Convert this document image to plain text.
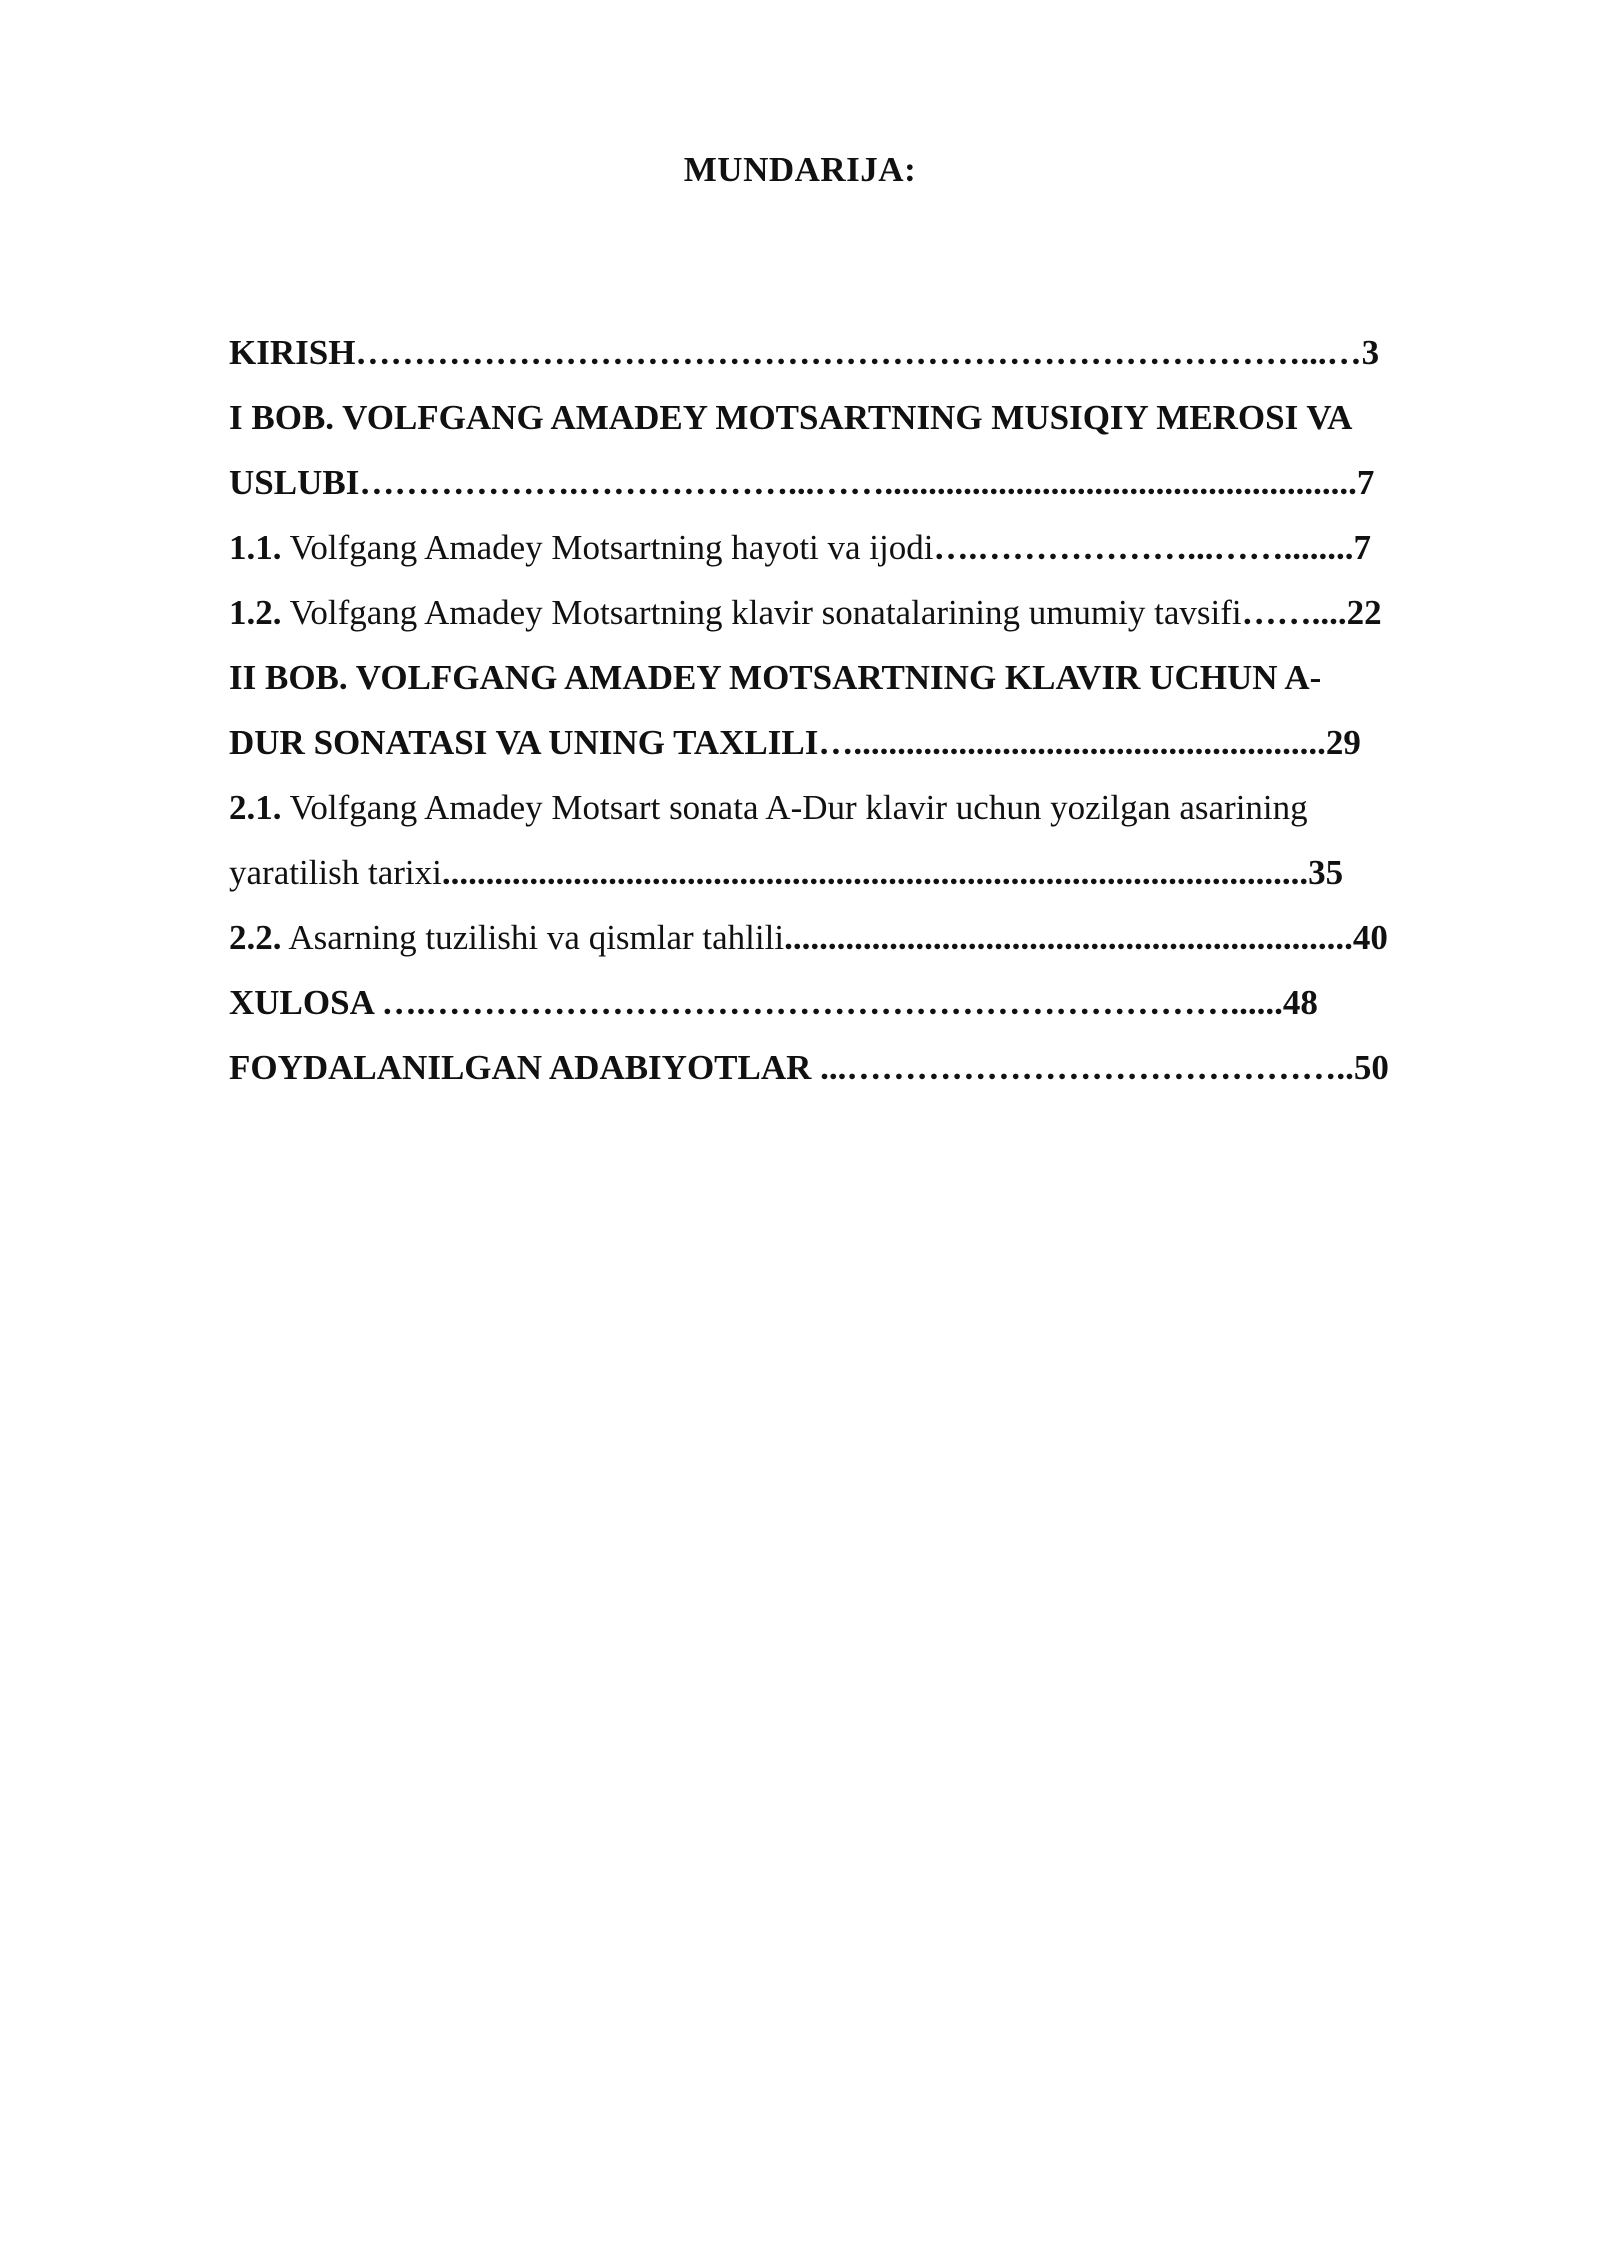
MUNDARIJA:
KIRISH………………………………………………………………………...…3
I BOB. VOLFGANG AMADEY MOTSARTNING MUSIQIY MEROSI VA
USLUBI……………….………………...……......................................................7
1.1. Volfgang Amadey Motsartning hayoti va ijodi….………………...……........7
1.2. Volfgang Amadey Motsartning klavir sonatalarining umumiy tavsifi……....22
II BOB. VOLFGANG AMADEY MOTSARTNING KLAVIR UCHUN A-
DUR SONATASI VA UNING TAXLILI…......................................................29
2.1. Volfgang Amadey Motsart sonata A-Dur klavir uchun yozilgan asarining
yaratilish tarixi...................................................................................................35
2.2. Asarning tuzilishi va qismlar tahlili.................................................................40
XULOSA ….……………………………………………………………......48
FOYDALANILGAN ADABIYOTLAR ...……………………………………..50
